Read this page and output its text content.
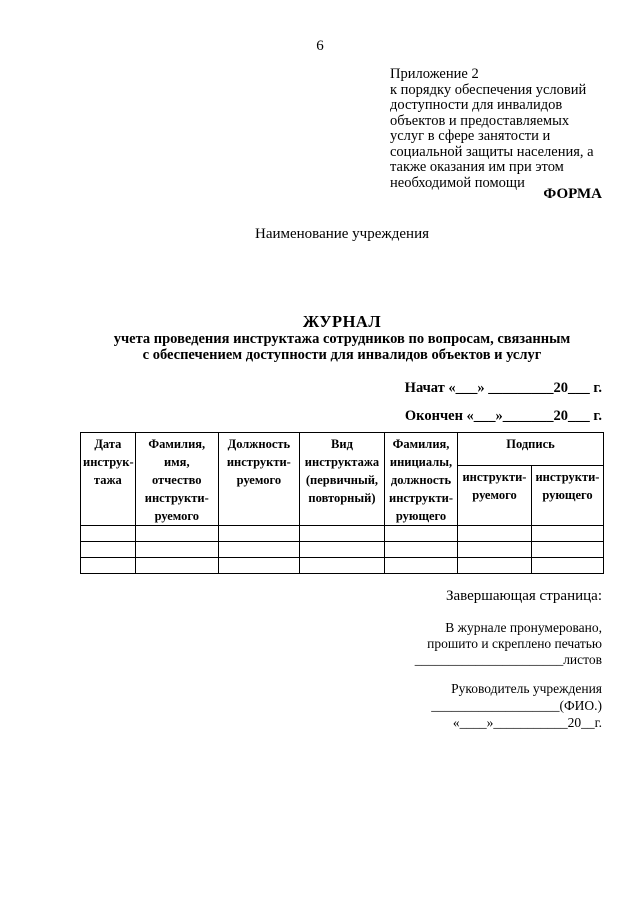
6
Приложение 2
к порядку обеспечения условий
доступности для инвалидов
объектов и предоставляемых
услуг в сфере занятости и
социальной защиты населения, а
также оказания им при этом
необходимой помощи
ФОРМА
Наименование учреждения
ЖУРНАЛ
учета проведения инструктажа сотрудников по вопросам, связанным
с обеспечением доступности для инвалидов объектов и услуг
Начат «___» _________20___ г.
Окончен «___»_______20___ г.
Дата инструк-тажа	Фамилия, имя, отчество инструкти-руемого	Должность инструкти-руемого	Вид инструктажа (первичный, повторный)	Фамилия, инициалы, должность инструкти-рующего	Подпись	
					инструкти-руемого	инструкти-рующего

Завершающая страница:
В журнале пронумеровано,
прошито и скреплено печатью
______________________листов
Руководитель учреждения
___________________(ФИО.)
«____»___________20__г.
